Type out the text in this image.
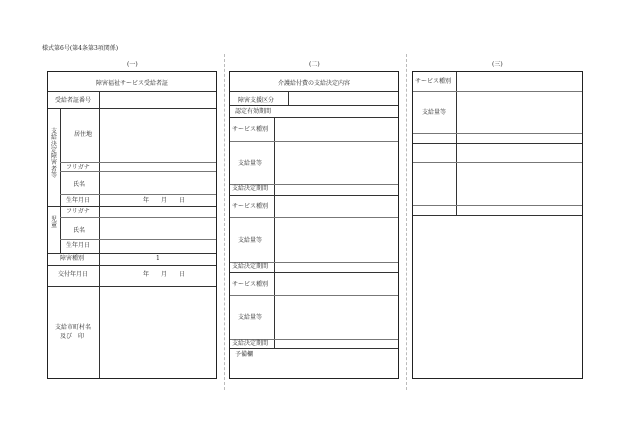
様式第6号(第4条第3項関係)
(一)	(二)	(三)
障害福祉サービス受給者証
受給者証番号
支給決定障害者等
居住地
フリガナ
氏名
生年月日	年　　月　　日
児童
フリガナ
氏名
生年月日
障害種別	1
交付年月日	年　　月　　日
支給市町村名
及び　印
介護給付費の支給決定内容
障害支援区分
認定有効期間
サービス種別
支給量等
支給決定期間
サービス種別
支給量等
支給決定期間
サービス種別
支給量等
支給決定期間
予備欄
サービス種別
支給量等
